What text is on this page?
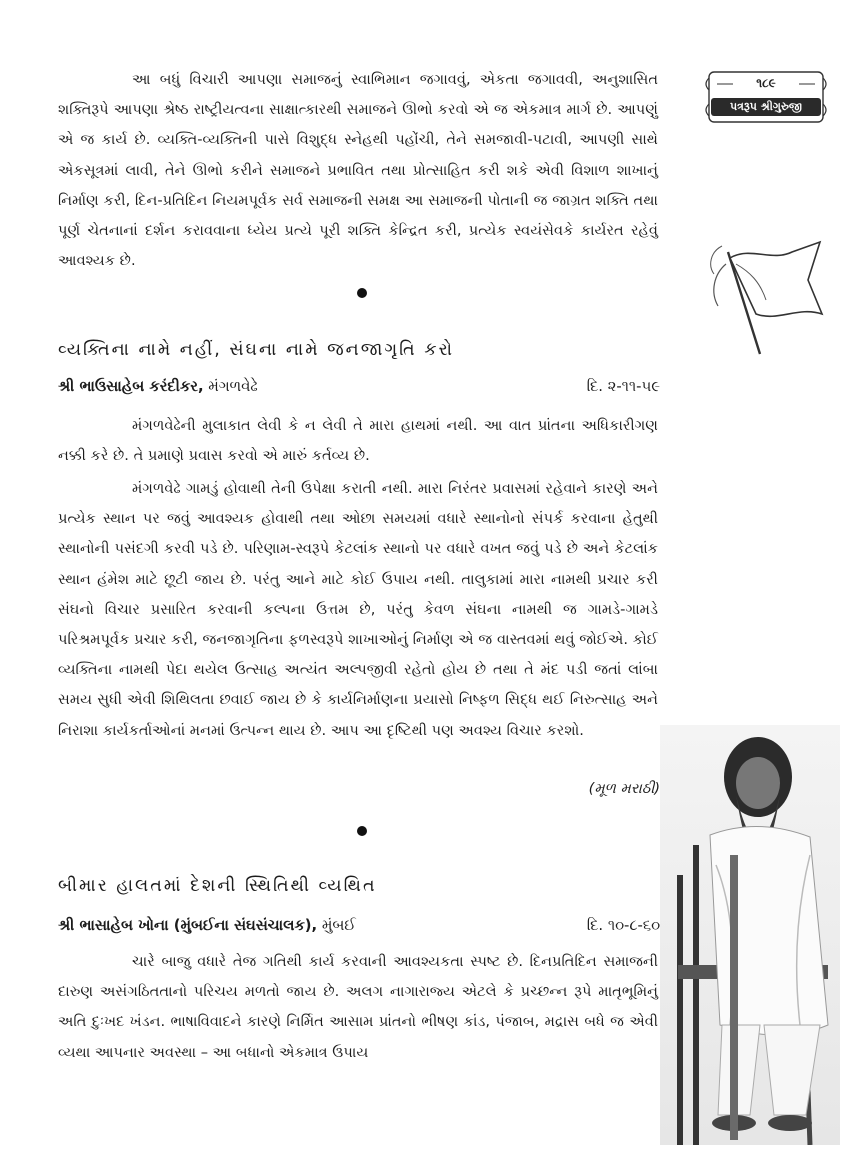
૧૮૯
પત્રરૂપ શ્રીગુરુજી

આ બધું વિચારી આપણા સમાજનું સ્વાભિમાન જગાવવું, એકતા જગાવવી, અનુશાસિત શક્તિરૂપે આપણા શ્રેષ્ઠ રાષ્ટ્રીયત્વના સાક્ષાત્કારથી સમાજને ઊભો કરવો એ જ એકમાત્ર માર્ગ છે. આપણું એ જ કાર્ય છે. વ્યક્તિ-વ્યક્તિની પાસે વિશુદ્ધ સ્નેહથી પહોંચી, તેને સમજાવી-પટાવી, આપણી સાથે એકસૂત્રમાં લાવી, તેને ઊભો કરીને સમાજને પ્રભાવિત તથા પ્રોત્સાહિત કરી શકે એવી વિશાળ શાખાનું નિર્માણ કરી, દિન-પ્રતિદિન નિયમપૂર્વક સર્વ સમાજની સમક્ષ આ સમાજની પોતાની જ જાગ્રત શક્તિ તથા પૂર્ણ ચેતનાનાં દર્શન કરાવવાના ધ્યેય પ્રત્યે પૂરી શક્તિ કેન્દ્રિત કરી, પ્રત્યેક સ્વયંસેવકે કાર્યરત રહેવું આવશ્યક છે.

વ્યક્તિના નામે નહીં, સંઘના નામે જનજાગૃતિ કરો
શ્રી ભાઉસાહેબ કરંદીકર, મંગળવેઢે	દિ. ૨-૧૧-૫૯

મંગળવેઢેની મુલાકાત લેવી કે ન લેવી તે મારા હાથમાં નથી. આ વાત પ્રાંતના અધિકારીગણ નક્કી કરે છે. તે પ્રમાણે પ્રવાસ કરવો એ મારું કર્તવ્ય છે.

મંગળવેઢે ગામડું હોવાથી તેની ઉપેક્ષા કરાતી નથી. મારા નિરંતર પ્રવાસમાં રહેવાને કારણે અને પ્રત્યેક સ્થાન પર જવું આવશ્યક હોવાથી તથા ઓછા સમયમાં વધારે સ્થાનોનો સંપર્ક કરવાના હેતુથી સ્થાનોની પસંદગી કરવી પડે છે. પરિણામ-સ્વરૂપે કેટલાંક સ્થાનો પર વધારે વખત જવું પડે છે અને કેટલાંક સ્થાન હંમેશ માટે છૂટી જાય છે. પરંતુ આને માટે કોઈ ઉપાય નથી. તાલુકામાં મારા નામથી પ્રચાર કરી સંઘનો વિચાર પ્રસારિત કરવાની કલ્પના ઉત્તમ છે, પરંતુ કેવળ સંઘના નામથી જ ગામડે-ગામડે પરિશ્રમપૂર્વક પ્રચાર કરી, જનજાગૃતિના ફળસ્વરૂપે શાખાઓનું નિર્માણ એ જ વાસ્તવમાં થવું જોઈએ. કોઈ વ્યક્તિના નામથી પેદા થયેલ ઉત્સાહ અત્યંત અલ્પજીવી રહેતો હોય છે તથા તે મંદ પડી જતાં લાંબા સમય સુધી એવી શિથિલતા છવાઈ જાય છે કે કાર્યનિર્માણના પ્રયાસો નિષ્ફળ સિદ્ધ થઈ નિરુત્સાહ અને નિરાશા કાર્યકર્તાઓનાં મનમાં ઉત્પન્ન થાય છે. આપ આ દૃષ્ટિથી પણ અવશ્ય વિચાર કરશો.

(મૂળ મરાઠી)
બીમાર હાલતમાં દેશની સ્થિતિથી વ્યથિત
શ્રી ભાસાહેબ ખોના (મુંબઈના સંઘસંચાલક), મુંબઈ	દિ. ૧૦-૮-૬૦

ચારે બાજુ વધારે તેજ ગતિથી કાર્ય કરવાની આવશ્યકતા સ્પષ્ટ છે. દિનપ્રતિદિન સમાજની દારુણ અસંગઠિતતાનો પરિચય મળતો જાય છે. અલગ નાગારાજ્ય એટલે કે પ્રચ્છન્ન રૂપે માતૃભૂમિનું અતિ દુઃખદ ખંડન. ભાષાવિવાદને કારણે નિર્મિત આસામ પ્રાંતનો ભીષણ કાંડ, પંજાબ, મદ્રાસ બધે જ એવી વ્યથા આપનાર અવસ્થા – આ બધાનો એકમાત્ર ઉપાય
